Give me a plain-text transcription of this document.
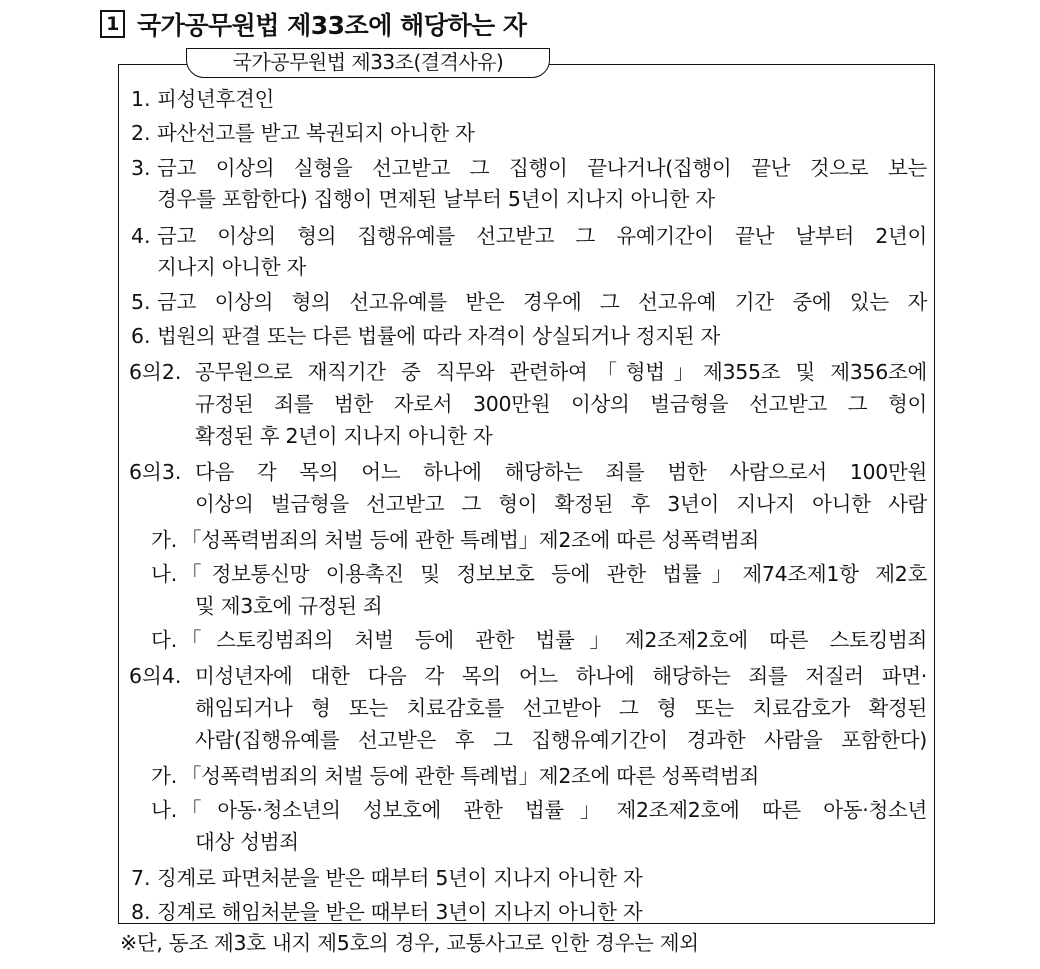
1 국가공무원법 제33조에 해당하는 자
1. 피성년후견인
2. 파산선고를 받고 복권되지 아니한 자
3. 금고 이상의 실형을 선고받고 그 집행이 끝나거나(집행이 끝난 것으로 보는
경우를 포함한다) 집행이 면제된 날부터 5년이 지나지 아니한 자
4. 금고 이상의 형의 집행유예를 선고받고 그 유예기간이 끝난 날부터 2년이
지나지 아니한 자
5. 금고 이상의 형의 선고유예를 받은 경우에 그 선고유예 기간 중에 있는 자
6. 법원의 판결 또는 다른 법률에 따라 자격이 상실되거나 정지된 자
6의2. 공무원으로 재직기간 중 직무와 관련하여「형법」제355조 및 제356조에
규정된 죄를 범한 자로서 300만원 이상의 벌금형을 선고받고 그 형이
확정된 후 2년이 지나지 아니한 자
6의3. 다음 각 목의 어느 하나에 해당하는 죄를 범한 사람으로서 100만원
이상의 벌금형을 선고받고 그 형이 확정된 후 3년이 지나지 아니한 사람
가. 「성폭력범죄의 처벌 등에 관한 특례법」제2조에 따른 성폭력범죄
나. 「정보통신망 이용촉진 및 정보보호 등에 관한 법률」제74조제1항 제2호
및 제3호에 규정된 죄
다. 「스토킹범죄의 처벌 등에 관한 법률」제2조제2호에 따른 스토킹범죄
6의4. 미성년자에 대한 다음 각 목의 어느 하나에 해당하는 죄를 저질러 파면·
해임되거나 형 또는 치료감호를 선고받아 그 형 또는 치료감호가 확정된
사람(집행유예를 선고받은 후 그 집행유예기간이 경과한 사람을 포함한다)
가. 「성폭력범죄의 처벌 등에 관한 특례법」제2조에 따른 성폭력범죄
나. 「아동·청소년의 성보호에 관한 법률」제2조제2호에 따른 아동·청소년
대상 성범죄
7. 징계로 파면처분을 받은 때부터 5년이 지나지 아니한 자
8. 징계로 해임처분을 받은 때부터 3년이 지나지 아니한 자
국가공무원법 제33조(결격사유)
※단, 동조 제3호 내지 제5호의 경우, 교통사고로 인한 경우는 제외
